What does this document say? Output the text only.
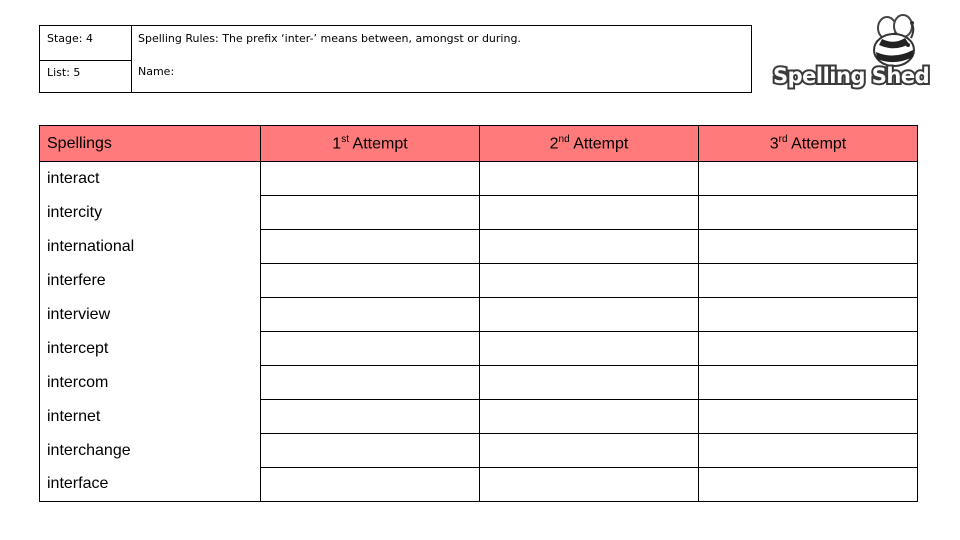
Stage: 4
List: 5
Spelling Rules: The prefix ‘inter-’ means between, amongst or during.
Name:	Spelling Shed
Spellings	1st Attempt	2nd Attempt	3rd Attempt
interact			
intercity			
international			
interfere			
interview			
intercept			
intercom			
internet			
interchange			
interface			
